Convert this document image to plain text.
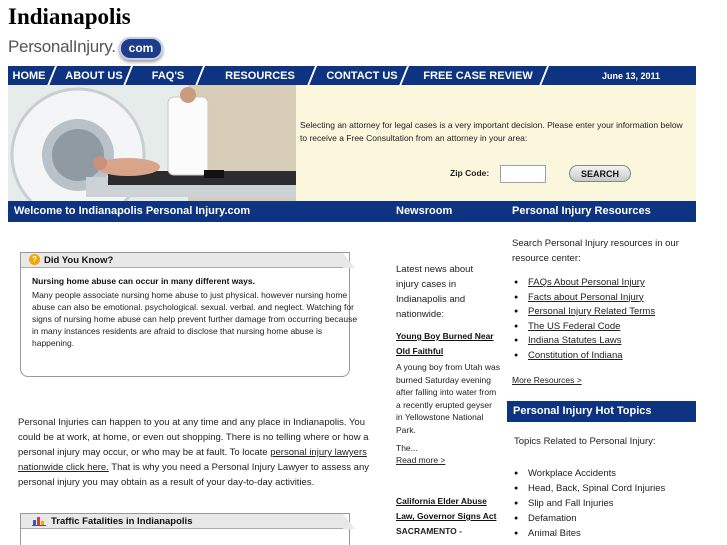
Indianapolis
PersonalInjury.	com
HOME	ABOUT US	FAQ'S	RESOURCES	CONTACT US	FREE CASE REVIEW	June 13, 2011
Selecting an attorney for legal cases is a very important decision. Please enter your information below to receive a Free Consultation from an attorney in your area:
Zip Code:	SEARCH
Welcome to Indianapolis Personal Injury.com	Newsroom	Personal Injury Resources
? Did You Know?
Nursing home abuse can occur in many different ways.
Many people associate nursing home abuse to just physical. however nursing home abuse can also be emotional. psychological. sexual. verbal. and neglect. Watching for signs of nursing home abuse can help prevent further damage from occurring because in many instances residents are afraid to disclose that nursing home abuse is happening.
Personal Injuries can happen to you at any time and any place in Indianapolis. You could be at work, at home, or even out shopping. There is no telling where or how a personal injury may occur, or who may be at fault. To locate personal injury lawyers nationwide click here. That is why you need a Personal Injury Lawyer to assess any personal injury you may obtain as a result of your day-to-day activities.
Traffic Fatalities in Indianapolis
Latest news about injury cases in Indianapolis and nationwide:
Young Boy Burned Near Old Faithful
A young boy from Utah was burned Saturday evening after falling into water from a recently erupted geyser in Yellowstone National Park.
The...
Read more >
California Elder Abuse Law, Governor Signs Act
SACRAMENTO -
Search Personal Injury resources in our resource center:
● FAQs About Personal Injury
● Facts about Personal Injury
● Personal Injury Related Terms
● The US Federal Code
● Indiana Statutes Laws
● Constitution of Indiana
More Resources >
Personal Injury Hot Topics
Topics Related to Personal Injury:
● Workplace Accidents
● Head, Back, Spinal Cord Injuries
● Slip and Fall Injuries
● Defamation
● Animal Bites
